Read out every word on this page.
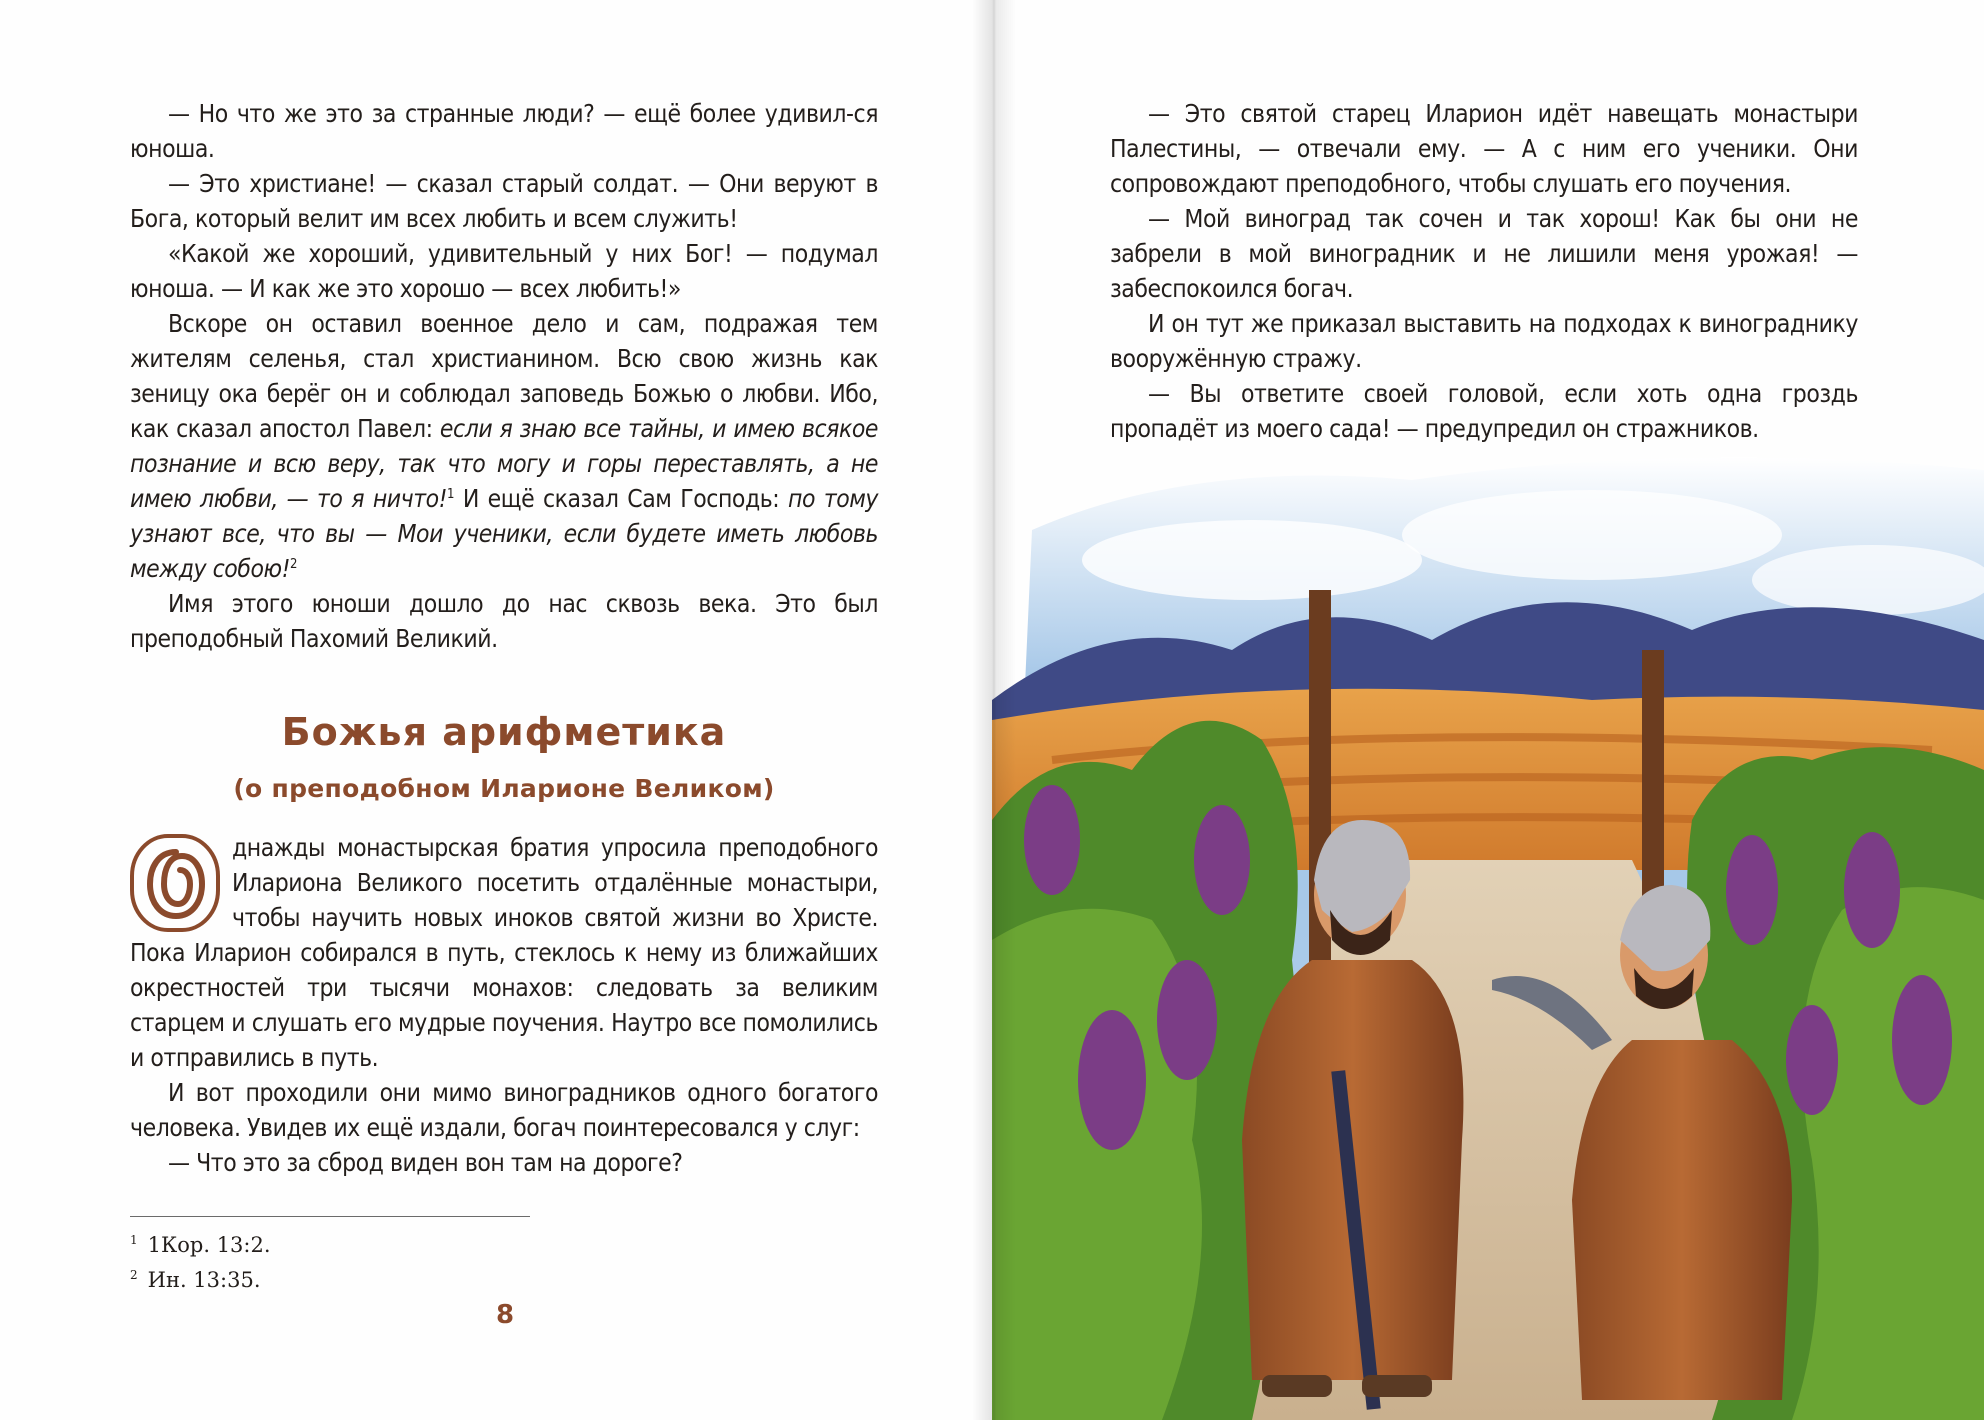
— Но что же это за странные люди? — ещё более удивил-ся юноша.

— Это христиане! — сказал старый солдат. — Они веруют в Бога, который велит им всех любить и всем служить!

«Какой же хороший, удивительный у них Бог! — подумал юноша. — И как же это хорошо — всех любить!»

Вскоре он оставил военное дело и сам, подражая тем жителям селенья, стал христианином. Всю свою жизнь как зеницу ока берёг он и соблюдал заповедь Божью о любви. Ибо, как сказал апостол Павел: если я знаю все тайны, и имею всякое познание и всю веру, так что могу и горы переставлять, а не имею любви, — то я ничто!$^1$ И ещё сказал Сам Господь: по тому узнают все, что вы — Мои ученики, если будете иметь любовь между собою!$^2$

Имя этого юноши дошло до нас сквозь века. Это был преподобный Пахомий Великий.

Божья арифметика
(о преподобном Иларионе Великом)

днажды монастырская братия упросила преподобного Илариона Великого посетить отдалённые монастыри, чтобы научить новых иноков святой жизни во Христе. Пока Иларион собирался в путь, стеклось к нему из ближайших окрестностей три тысячи монахов: следовать за великим старцем и слушать его мудрые поучения. Наутро все помолились и отправились в путь.

И вот проходили они мимо виноградников одного богатого человека. Увидев их ещё издали, богач поинтересовался у слуг:

— Что это за сброд виден вон там на дороге?

$^1$ 1Кор. 13:2.
$^2$ Ин. 13:35.
8

— Это святой старец Иларион идёт навещать монастыри Палестины, — отвечали ему. — А с ним его ученики. Они сопровождают преподобного, чтобы слушать его поучения.

— Мой виноград так сочен и так хорош! Как бы они не забрели в мой виноградник и не лишили меня урожая! — забеспокоился богач.

И он тут же приказал выставить на подходах к винограднику вооружённую стражу.

— Вы ответите своей головой, если хоть одна гроздь пропадёт из моего сада! — предупредил он стражников.
